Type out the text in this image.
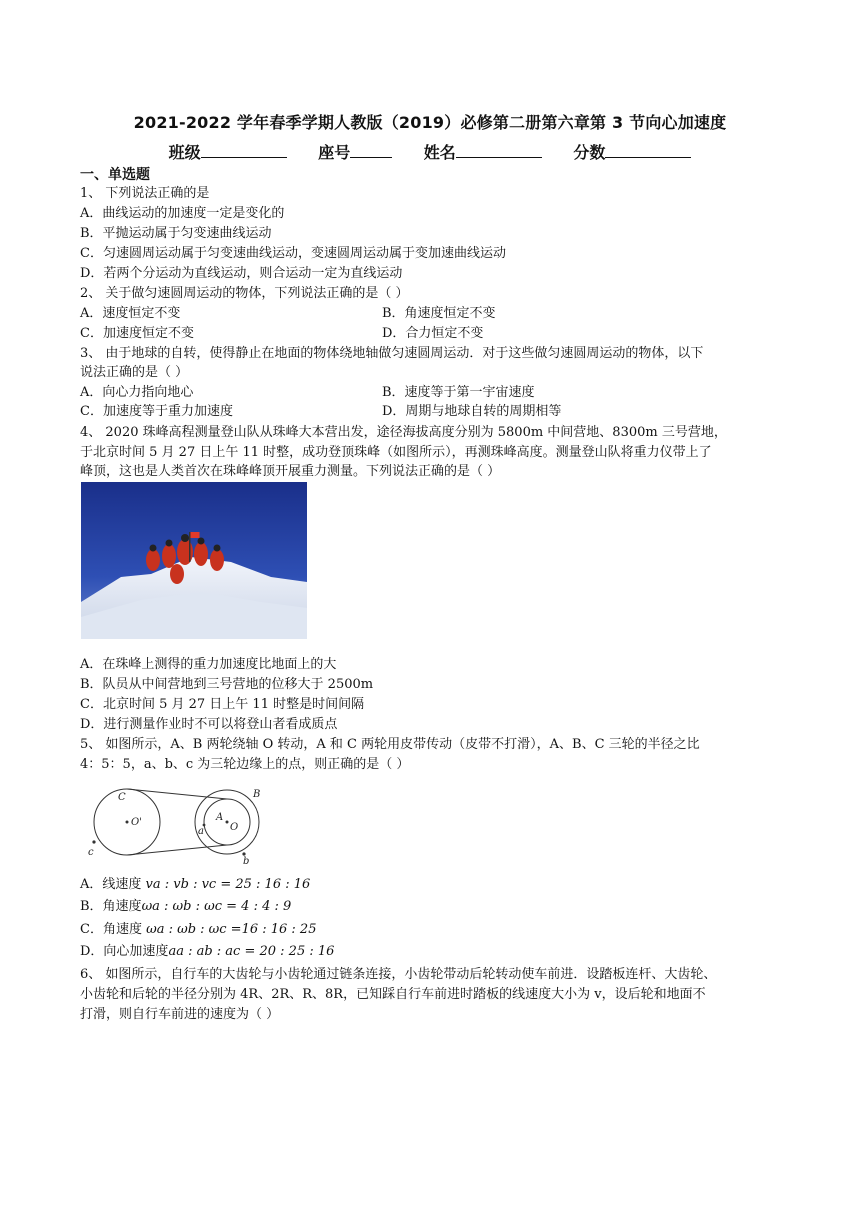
2021-2022 学年春季学期人教版（2019）必修第二册第六章第 3 节向心加速度
班级	座号	姓名	分数
一、单选题
1、 下列说法正确的是
A．曲线运动的加速度一定是变化的
B．平抛运动属于匀变速曲线运动
C．匀速圆周运动属于匀变速曲线运动，变速圆周运动属于变加速曲线运动
D．若两个分运动为直线运动，则合运动一定为直线运动
2、 关于做匀速圆周运动的物体，下列说法正确的是（ ）
A．速度恒定不变	B．角速度恒定不变
C．加速度恒定不变	D．合力恒定不变
3、 由于地球的自转，使得静止在地面的物体绕地轴做匀速圆周运动．对于这些做匀速圆周运动的物体，以下
说法正确的是（ ）
A．向心力指向地心	B．速度等于第一宇宙速度
C．加速度等于重力加速度	D．周期与地球自转的周期相等
4、 2020 珠峰高程测量登山队从珠峰大本营出发，途径海拔高度分别为 5800m 中间营地、8300m 三号营地，
于北京时间 5 月 27 日上午 11 时整，成功登顶珠峰（如图所示），再测珠峰高度。测量登山队将重力仪带上了
峰顶，这也是人类首次在珠峰峰顶开展重力测量。下列说法正确的是（ ）
A．在珠峰上测得的重力加速度比地面上的大
B．队员从中间营地到三号营地的位移大于 2500m
C．北京时间 5 月 27 日上午 11 时整是时间间隔
D．进行测量作业时不可以将登山者看成质点
5、 如图所示，A、B 两轮绕轴 O 转动，A 和 C 两轮用皮带传动（皮带不打滑），A、B、C 三轮的半径之比
4：5：5，a、b、c 为三轮边缘上的点，则正确的是（ ）
C
O'
c
B
A
O
a
b
A．线速度 va : vb : vc = 25 : 16 : 16
B．角速度ωa : ωb : ωc = 4 : 4 : 9
C．角速度 ωa : ωb : ωc =16 : 16 : 25
D．向心加速度aa : ab : ac = 20 : 25 : 16
6、 如图所示，自行车的大齿轮与小齿轮通过链条连接，小齿轮带动后轮转动使车前进．设踏板连杆、大齿轮、
小齿轮和后轮的半径分别为 4R、2R、R、8R，已知踩自行车前进时踏板的线速度大小为 v，设后轮和地面不
打滑，则自行车前进的速度为（ ）
